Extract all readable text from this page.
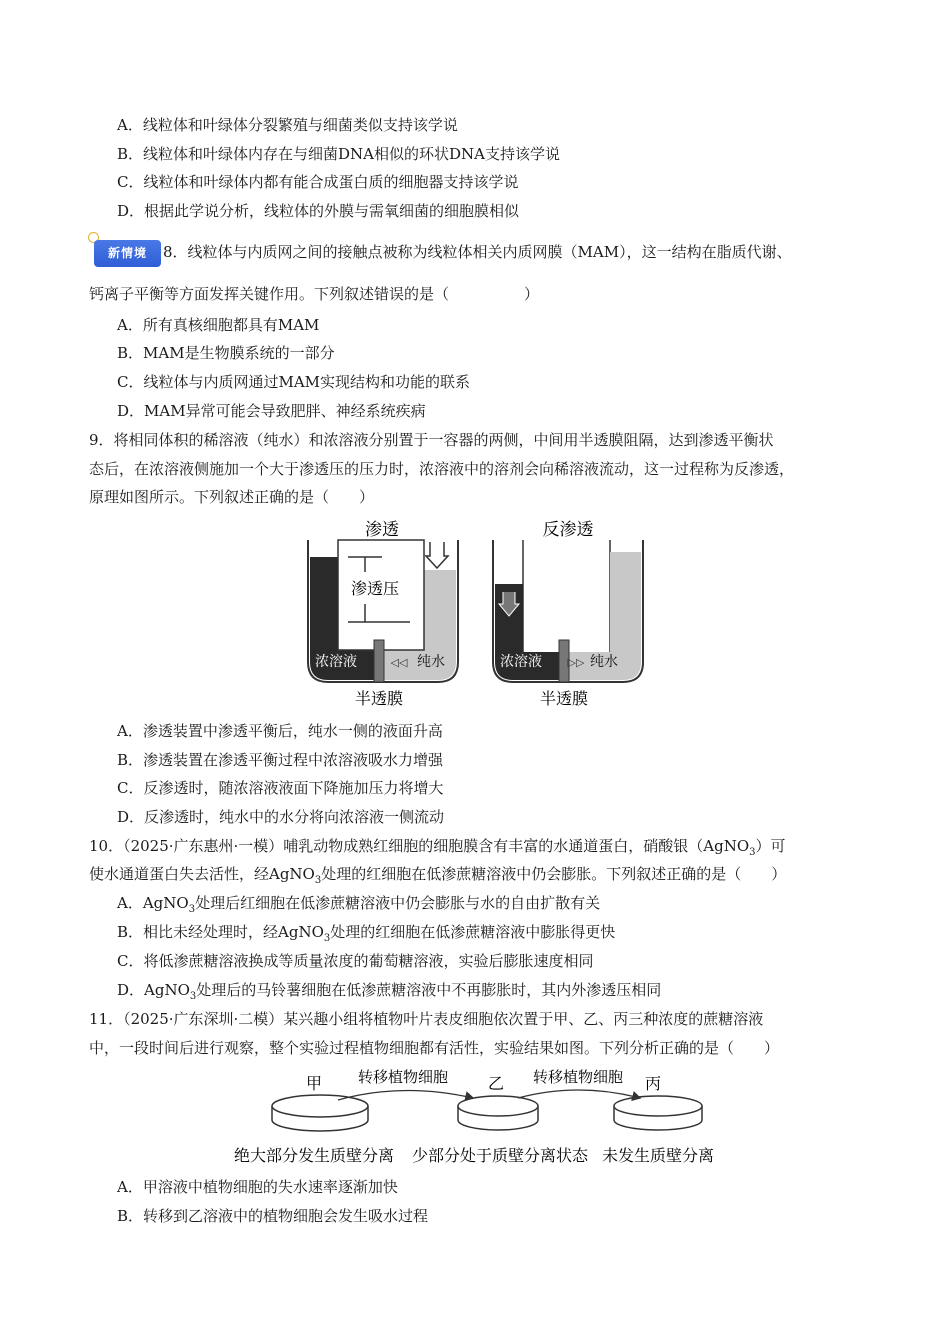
A．线粒体和叶绿体分裂繁殖与细菌类似支持该学说
B．线粒体和叶绿体内存在与细菌DNA相似的环状DNA支持该学说
C．线粒体和叶绿体内都有能合成蛋白质的细胞器支持该学说
D．根据此学说分析，线粒体的外膜与需氧细菌的细胞膜相似
新情境	8．线粒体与内质网之间的接触点被称为线粒体相关内质网膜（MAM），这一结构在脂质代谢、
钙离子平衡等方面发挥关键作用。下列叙述错误的是（　　　　　）
A．所有真核细胞都具有MAM
B．MAM是生物膜系统的一部分
C．线粒体与内质网通过MAM实现结构和功能的联系
D．MAM异常可能会导致肥胖、神经系统疾病
9．将相同体积的稀溶液（纯水）和浓溶液分别置于一容器的两侧，中间用半透膜阻隔，达到渗透平衡状
态后，在浓溶液侧施加一个大于渗透压的压力时，浓溶液中的溶剂会向稀溶液流动，这一过程称为反渗透，
原理如图所示。下列叙述正确的是（　　）
渗透
渗透压
浓溶液	◁◁ 纯水
半透膜
反渗透
浓溶液 ▷▷ 纯水
半透膜
A．渗透装置中渗透平衡后，纯水一侧的液面升高
B．渗透装置在渗透平衡过程中浓溶液吸水力增强
C．反渗透时，随浓溶液液面下降施加压力将增大
D．反渗透时，纯水中的水分将向浓溶液一侧流动
10．（2025·广东惠州·一模）哺乳动物成熟红细胞的细胞膜含有丰富的水通道蛋白，硝酸银（AgNO$_3$）可
使水通道蛋白失去活性，经AgNO$_3$处理的红细胞在低渗蔗糖溶液中仍会膨胀。下列叙述正确的是（　　）
A．AgNO$_3$处理后红细胞在低渗蔗糖溶液中仍会膨胀与水的自由扩散有关
B．相比未经处理时，经AgNO$_3$处理的红细胞在低渗蔗糖溶液中膨胀得更快
C．将低渗蔗糖溶液换成等质量浓度的葡萄糖溶液，实验后膨胀速度相同
D．AgNO$_3$处理后的马铃薯细胞在低渗蔗糖溶液中不再膨胀时，其内外渗透压相同
11．（2025·广东深圳·二模）某兴趣小组将植物叶片表皮细胞依次置于甲、乙、丙三种浓度的蔗糖溶液
中，一段时间后进行观察，整个实验过程植物细胞都有活性，实验结果如图。下列分析正确的是（　　）
甲	乙	丙
转移植物细胞	转移植物细胞
绝大部分发生质壁分离 少部分处于质壁分离状态 未发生质壁分离
A．甲溶液中植物细胞的失水速率逐渐加快
B．转移到乙溶液中的植物细胞会发生吸水过程
